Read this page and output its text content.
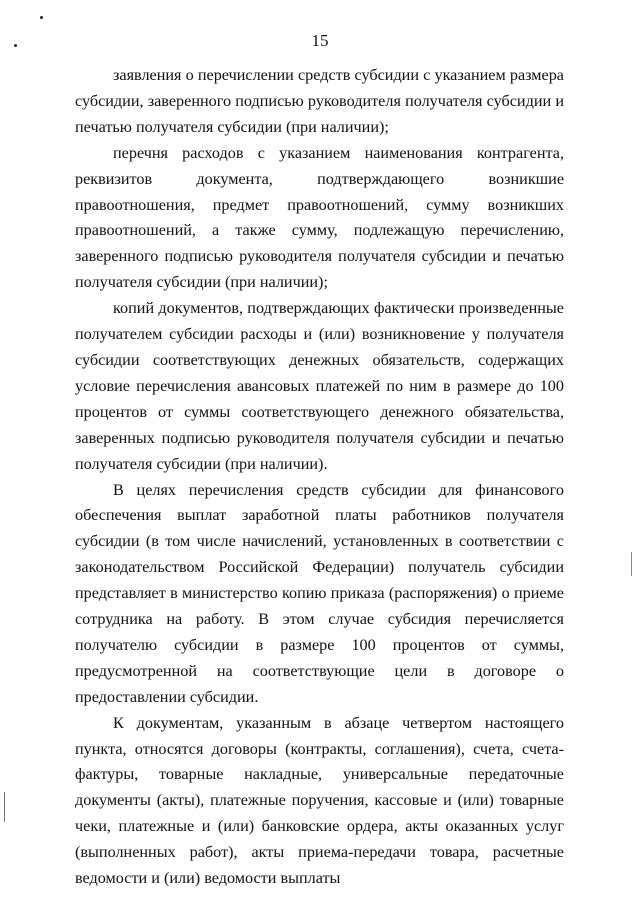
15

заявления о перечислении средств субсидии с указанием размера субсидии, заверенного подписью руководителя получателя субсидии и печатью получателя субсидии (при наличии);

перечня расходов с указанием наименования контрагента, реквизитов документа, подтверждающего возникшие правоотношения, предмет правоотношений, сумму возникших правоотношений, а также сумму, подлежащую перечислению, заверенного подписью руководителя получателя субсидии и печатью получателя субсидии (при наличии);

копий документов, подтверждающих фактически произведенные получателем субсидии расходы и (или) возникновение у получателя субсидии соответствующих денежных обязательств, содержащих условие перечисления авансовых платежей по ним в размере до 100 процентов от суммы соответствующего денежного обязательства, заверенных подписью руководителя получателя субсидии и печатью получателя субсидии (при наличии).

В целях перечисления средств субсидии для финансового обеспечения выплат заработной платы работников получателя субсидии (в том числе начислений, установленных в соответствии с законодательством Российской Федерации) получатель субсидии представляет в министерство копию приказа (распоряжения) о приеме сотрудника на работу. В этом случае субсидия перечисляется получателю субсидии в размере 100 процентов от суммы, предусмотренной на соответствующие цели в договоре о предоставлении субсидии.

К документам, указанным в абзаце четвертом настоящего пункта, относятся договоры (контракты, соглашения), счета, счета-фактуры, товарные накладные, универсальные передаточные документы (акты), платежные поручения, кассовые и (или) товарные чеки, платежные и (или) банковские ордера, акты оказанных услуг (выполненных работ), акты приема-передачи товара, расчетные ведомости и (или) ведомости выплаты
